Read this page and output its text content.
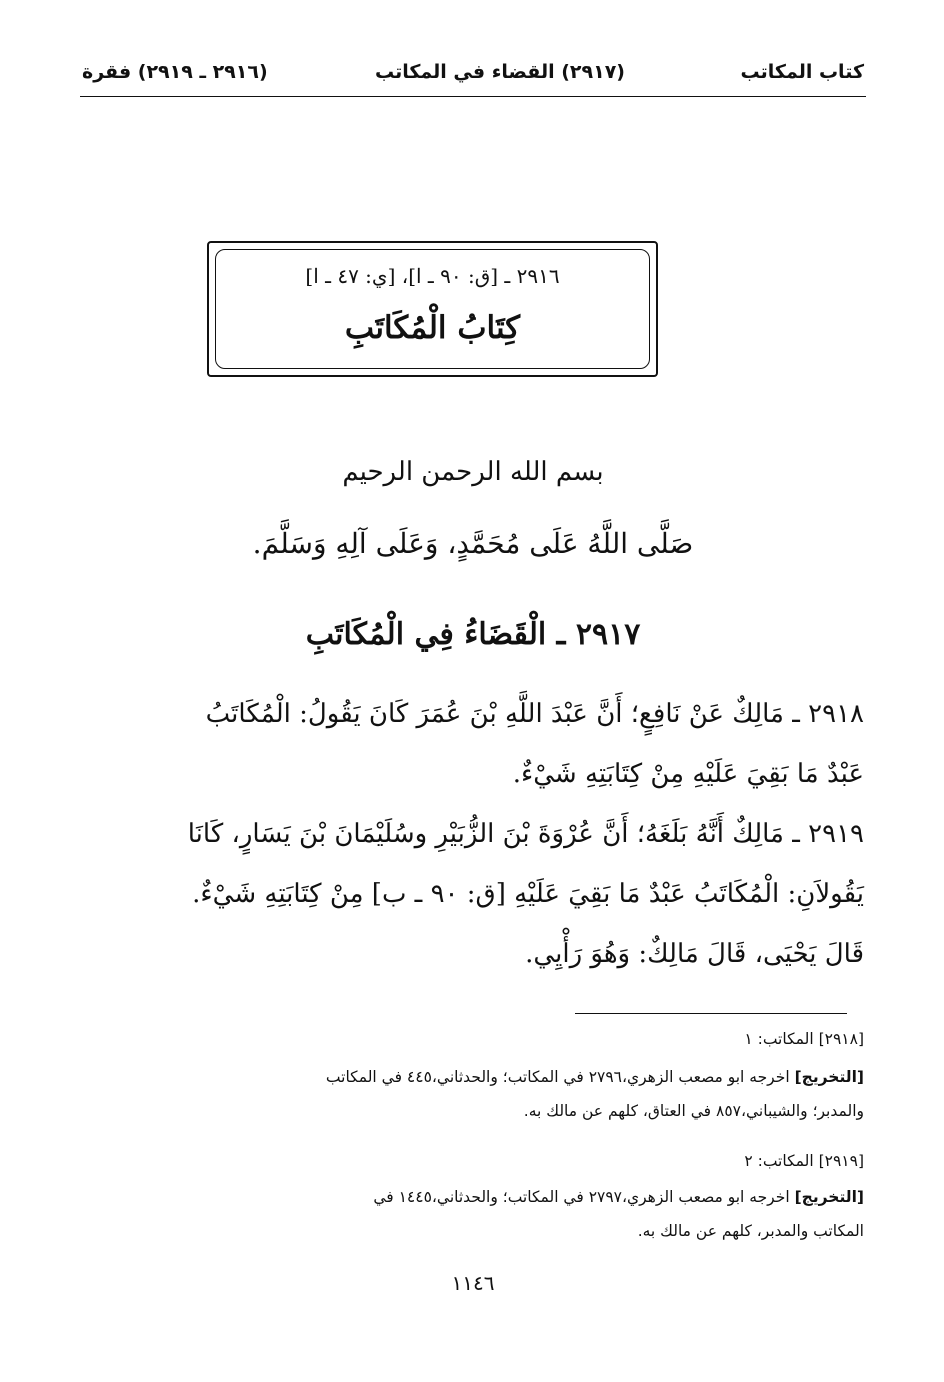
كتاب المكاتب
(٢٩١٧) القضاء في المكاتب
(٢٩١٦ ـ ٢٩١٩) فقرة
٢٩١٦ ـ [ق: ٩٠ ـ ا]، [ي: ٤٧ ـ ا]
كِتَابُ الْمُكَاتَبِ
بسم الله الرحمن الرحيم
صَلَّى اللَّهُ عَلَى مُحَمَّدٍ، وَعَلَى آلِهِ وَسَلَّمَ.
٢٩١٧ ـ الْقَضَاءُ فِي الْمُكَاتَبِ
٢٩١٨ ـ مَالِكٌ عَنْ نَافِعٍ؛ أَنَّ عَبْدَ اللَّهِ بْنَ عُمَرَ كَانَ يَقُولُ: الْمُكَاتَبُ
عَبْدٌ مَا بَقِيَ عَلَيْهِ مِنْ كِتَابَتِهِ شَيْءٌ.
٢٩١٩ ـ مَالِكٌ أَنَّهُ بَلَغَهُ؛ أَنَّ عُرْوَةَ بْنَ الزُّبَيْرِ وسُلَيْمَانَ بْنَ يَسَارٍ، كَانَا
يَقُولاَنِ: الْمُكَاتَبُ عَبْدٌ مَا بَقِيَ عَلَيْهِ [ق: ٩٠ ـ ب] مِنْ كِتَابَتِهِ شَيْءٌ.
قَالَ يَحْيَى، قَالَ مَالِكٌ: وَهُوَ رَأْيِي.
[٢٩١٨] المكاتب: ١
[التخريج] اخرجه ابو مصعب الزهري،٢٧٩٦ في المكاتب؛ والحدثاني،٤٤٥ في المكاتب
والمدبر؛ والشيباني،٨٥٧ في العتاق، كلهم عن مالك به.
[٢٩١٩] المكاتب: ٢
[التخريج] اخرجه ابو مصعب الزهري،٢٧٩٧ في المكاتب؛ والحدثاني،١٤٤٥ في
المكاتب والمدبر، كلهم عن مالك به.
١١٤٦
